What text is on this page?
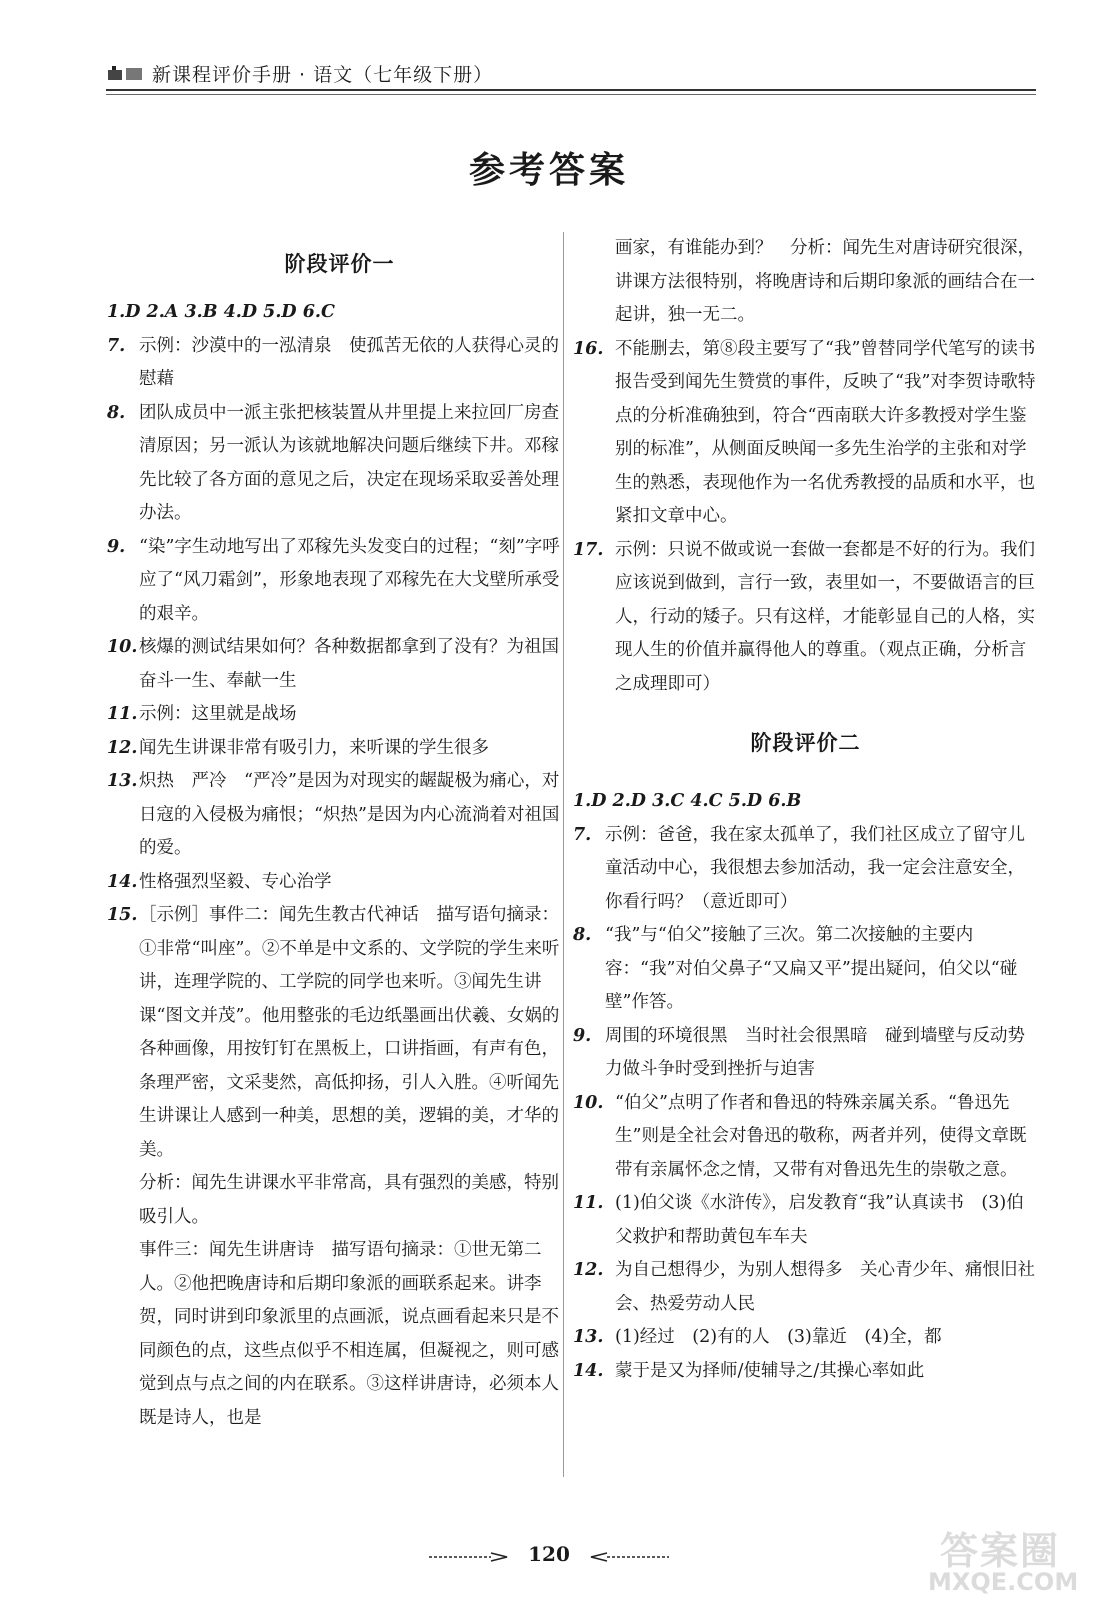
新课程评价手册 · 语文（七年级下册）
参考答案
阶段评价一

1.D 2.A 3.B 4.D 5.D 6.C

7. 示例：沙漠中的一泓清泉　使孤苦无依的人获得心灵的慰藉

8. 团队成员中一派主张把核装置从井里提上来拉回厂房查清原因；另一派认为该就地解决问题后继续下井。邓稼先比较了各方面的意见之后，决定在现场采取妥善处理办法。

9. “染”字生动地写出了邓稼先头发变白的过程；“刻”字呼应了“风刀霜剑”，形象地表现了邓稼先在大戈壁所承受的艰辛。

10. 核爆的测试结果如何？各种数据都拿到了没有？为祖国奋斗一生、奉献一生

11. 示例：这里就是战场

12. 闻先生讲课非常有吸引力，来听课的学生很多

13. 炽热　严冷　“严冷”是因为对现实的龌龊极为痛心，对日寇的入侵极为痛恨；“炽热”是因为内心流淌着对祖国的爱。

14. 性格强烈坚毅、专心治学

15. ［示例］事件二：闻先生教古代神话　描写语句摘录：①非常“叫座”。②不单是中文系的、文学院的学生来听讲，连理学院的、工学院的同学也来听。③闻先生讲课“图文并茂”。他用整张的毛边纸墨画出伏羲、女娲的各种画像，用按钉钉在黑板上，口讲指画，有声有色，条理严密，文采斐然，高低抑扬，引人入胜。④听闻先生讲课让人感到一种美，思想的美，逻辑的美，才华的美。

分析：闻先生讲课水平非常高，具有强烈的美感，特别吸引人。

事件三：闻先生讲唐诗　描写语句摘录：①世无第二人。②他把晚唐诗和后期印象派的画联系起来。讲李贺，同时讲到印象派里的点画派，说点画看起来只是不同颜色的点，这些点似乎不相连属，但凝视之，则可感觉到点与点之间的内在联系。③这样讲唐诗，必须本人既是诗人，也是

画家，有谁能办到？　分析：闻先生对唐诗研究很深，讲课方法很特别，将晚唐诗和后期印象派的画结合在一起讲，独一无二。

16. 不能删去，第⑧段主要写了“我”曾替同学代笔写的读书报告受到闻先生赞赏的事件，反映了“我”对李贺诗歌特点的分析准确独到，符合“西南联大许多教授对学生鉴别的标准”，从侧面反映闻一多先生治学的主张和对学生的熟悉，表现他作为一名优秀教授的品质和水平，也紧扣文章中心。

17. 示例：只说不做或说一套做一套都是不好的行为。我们应该说到做到，言行一致，表里如一，不要做语言的巨人，行动的矮子。只有这样，才能彰显自己的人格，实现人生的价值并赢得他人的尊重。（观点正确，分析言之成理即可）

阶段评价二

1.D 2.D 3.C 4.C 5.D 6.B

7. 示例：爸爸，我在家太孤单了，我们社区成立了留守儿童活动中心，我很想去参加活动，我一定会注意安全，你看行吗？（意近即可）

8. “我”与“伯父”接触了三次。第二次接触的主要内容：“我”对伯父鼻子“又扁又平”提出疑问，伯父以“碰壁”作答。

9. 周围的环境很黑　当时社会很黑暗　碰到墙壁与反动势力做斗争时受到挫折与迫害

10. “伯父”点明了作者和鲁迅的特殊亲属关系。“鲁迅先生”则是全社会对鲁迅的敬称，两者并列，使得文章既带有亲属怀念之情，又带有对鲁迅先生的崇敬之意。

11. (1)伯父谈《水浒传》，启发教育“我”认真读书　(3)伯父救护和帮助黄包车车夫

12. 为自己想得少，为别人想得多　关心青少年、痛恨旧社会、热爱劳动人民

13. (1)经过　(2)有的人　(3)靠近　(4)全，都

14. 蒙于是又为择师/使辅导之/其操心率如此

120	答案圈
MXQE.COM
